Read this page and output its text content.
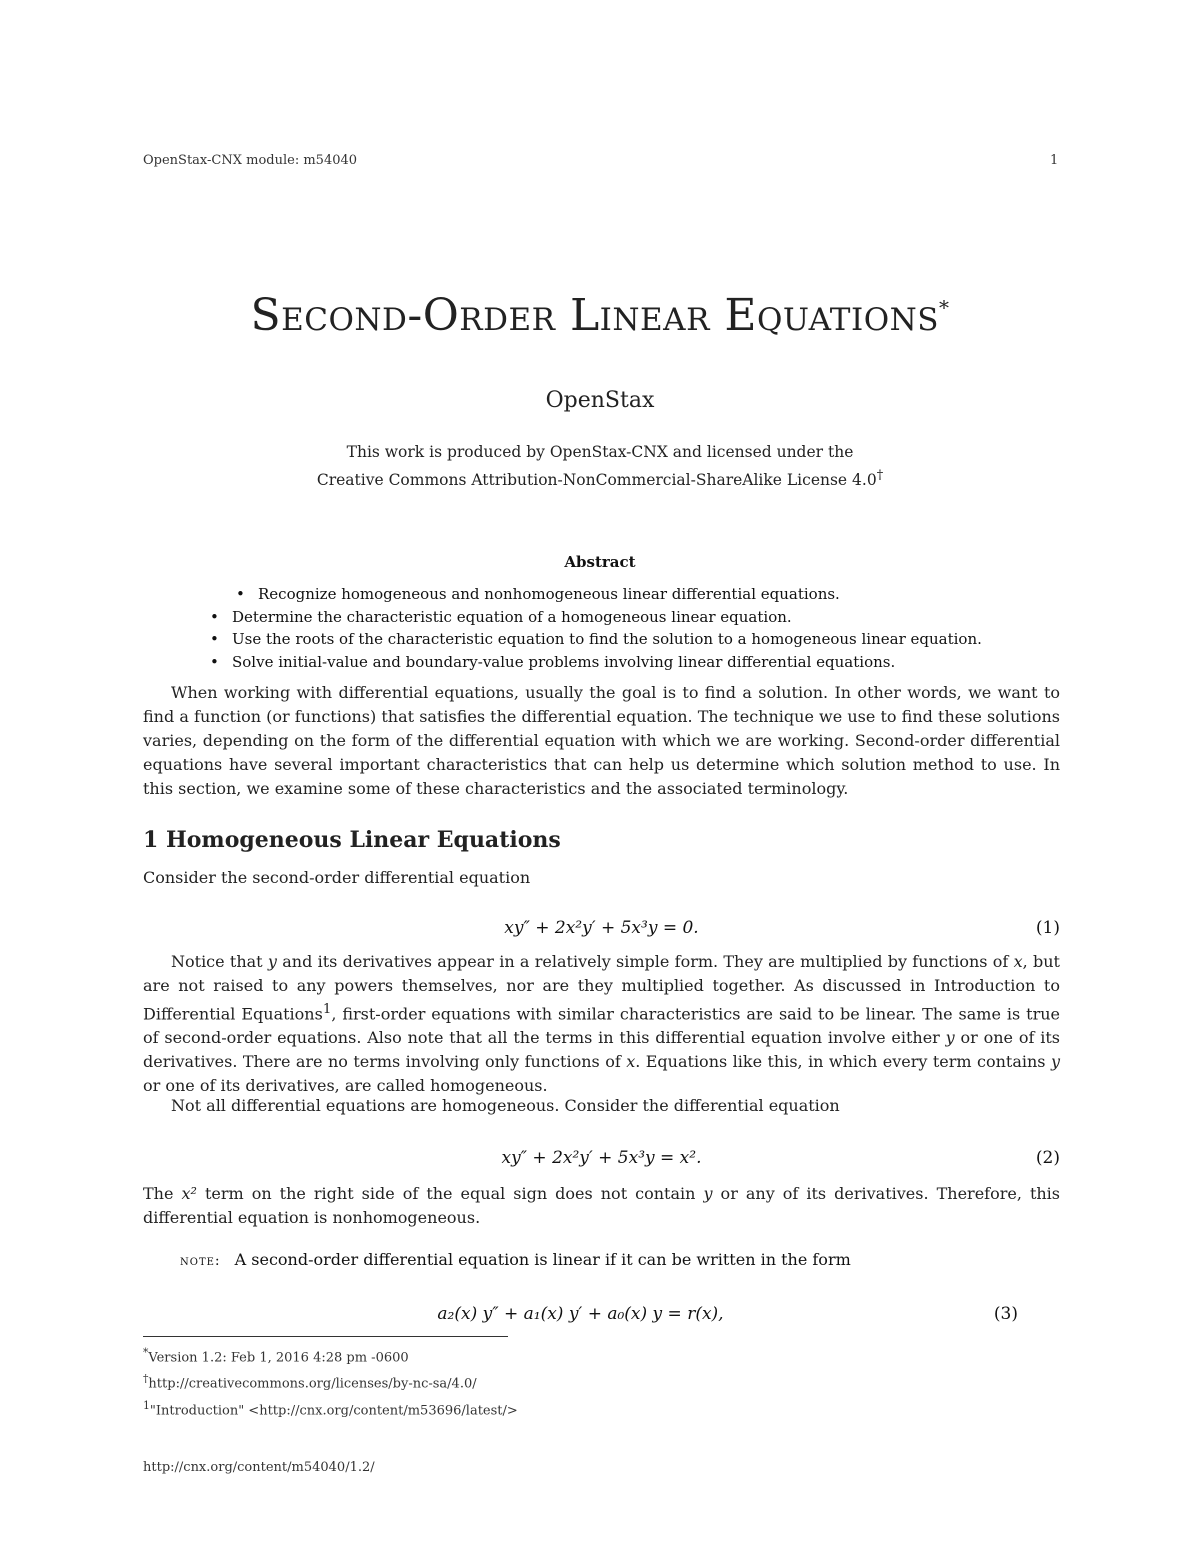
OpenStax-CNX module: m54040	1
Second-Order Linear Equations*
OpenStax
This work is produced by OpenStax-CNX and licensed under the
Creative Commons Attribution-NonCommercial-ShareAlike License 4.0†
Abstract
• Recognize homogeneous and nonhomogeneous linear differential equations.
• Determine the characteristic equation of a homogeneous linear equation.
• Use the roots of the characteristic equation to find the solution to a homogeneous linear equation.
• Solve initial-value and boundary-value problems involving linear differential equations.
When working with differential equations, usually the goal is to find a solution. In other words, we want to find a function (or functions) that satisfies the differential equation. The technique we use to find these solutions varies, depending on the form of the differential equation with which we are working. Second-order differential equations have several important characteristics that can help us determine which solution method to use. In this section, we examine some of these characteristics and the associated terminology.
1 Homogeneous Linear Equations
Consider the second-order differential equation
xy″ + 2x²y′ + 5x³y = 0.	(1)
Notice that y and its derivatives appear in a relatively simple form. They are multiplied by functions of x, but are not raised to any powers themselves, nor are they multiplied together. As discussed in Introduction to Differential Equations$^1$, first-order equations with similar characteristics are said to be linear. The same is true of second-order equations. Also note that all the terms in this differential equation involve either y or one of its derivatives. There are no terms involving only functions of x. Equations like this, in which every term contains y or one of its derivatives, are called homogeneous.
Not all differential equations are homogeneous. Consider the differential equation
xy″ + 2x²y′ + 5x³y = x².	(2)
The x² term on the right side of the equal sign does not contain y or any of its derivatives. Therefore, this differential equation is nonhomogeneous.
note: A second-order differential equation is linear if it can be written in the form
a₂(x) y″ + a₁(x) y′ + a₀(x) y = r(x),	(3)
*Version 1.2: Feb 1, 2016 4:28 pm -0600
†http://creativecommons.org/licenses/by-nc-sa/4.0/
$^1$"Introduction" <http://cnx.org/content/m53696/latest/>
http://cnx.org/content/m54040/1.2/
